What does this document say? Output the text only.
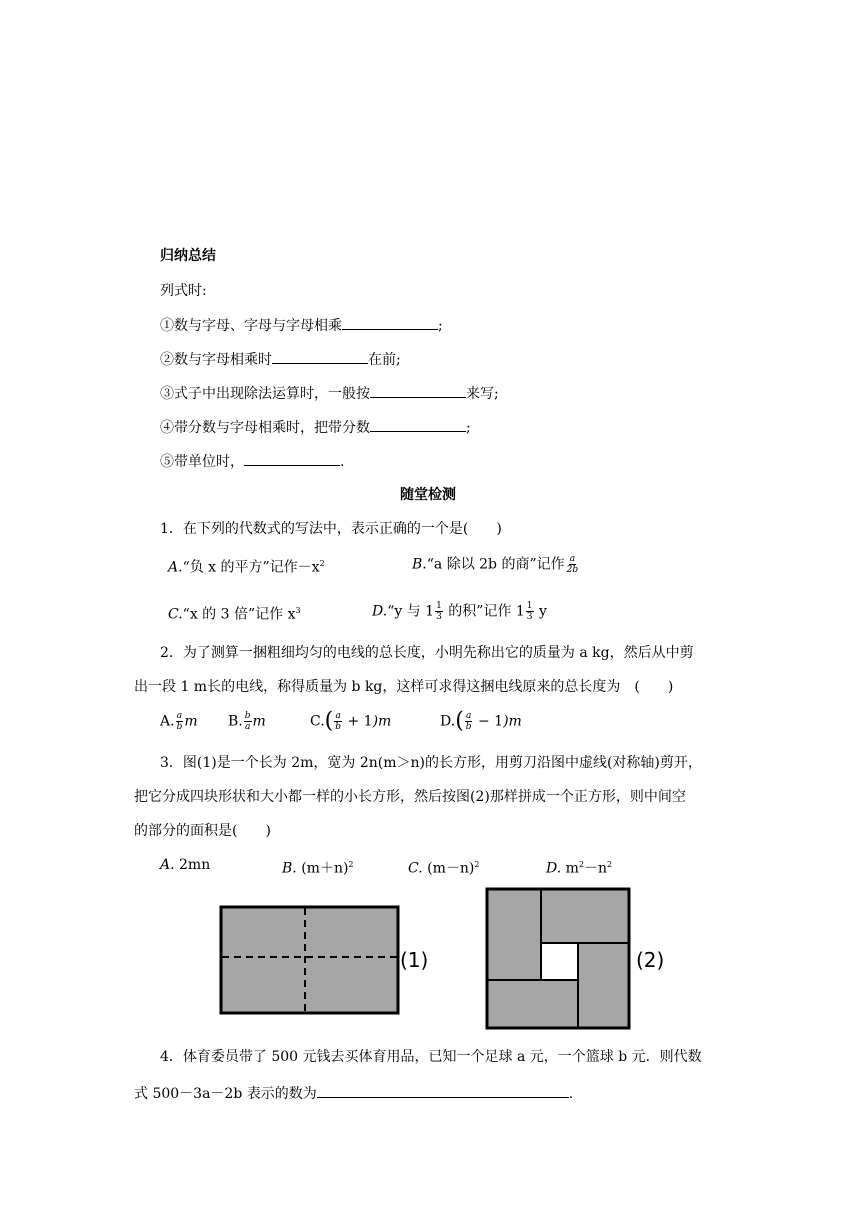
归纳总结
列式时:
①数与字母、字母与字母相乘	;
②数与字母相乘时	在前;
③式子中出现除法运算时，一般按	来写;
④带分数与字母相乘时，把带分数	;
⑤带单位时，	.
随堂检测
1．在下列的代数式的写法中，表示正确的一个是(　　)
A.“负 x 的平方”记作$-x^2$	B.“a 除以 2b 的商”记作 $\frac{a}{2b}$
C.“x 的 3 倍”记作 $x^3$	D.“y 与 $1 \frac{1}{3}$ 的积”记作 $1 \frac{1}{3}$ y
2．为了测算一捆粗细均匀的电线的总长度，小明先称出它的质量为 a kg，然后从中剪
出一段 1 m长的电线，称得质量为 b kg，这样可求得这捆电线原来的总长度为　(　　)
A. $\frac{a}{b}$ m B. $\frac{b}{a}$ m	$C.( \frac{a}{b} + 1)m$	$D.( \frac{a}{b} - 1)m$
3．图(1)是一个长为 2m，宽为 2n(m＞n)的长方形，用剪刀沿图中虚线(对称轴)剪开，
把它分成四块形状和大小都一样的小长方形，然后按图(2)那样拼成一个正方形，则中间空
的部分的面积是(　　)
A. 2mn	B. $(m+n)^2$	C. $(m-n)^2$	D. $m^2-n^2$
(1)	(2)
4．体育委员带了 500 元钱去买体育用品，已知一个足球 a 元，一个篮球 b 元．则代数
式 500－3a－2b 表示的数为	.
